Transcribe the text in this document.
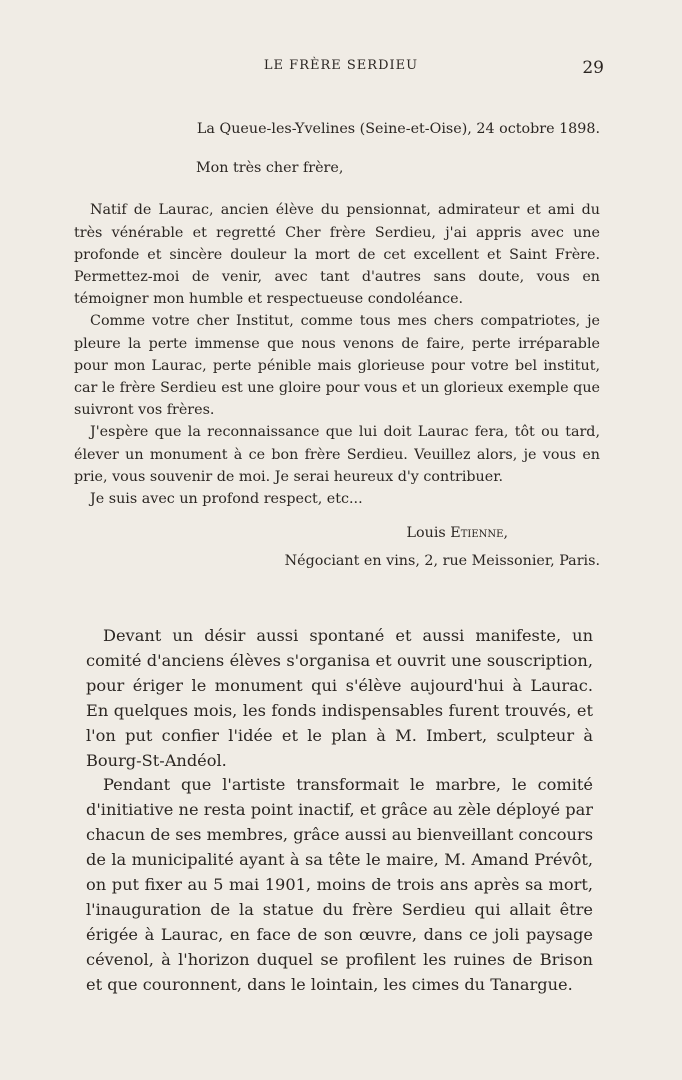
LE FRÈRE SERDIEU	29
La Queue-les-Yvelines (Seine-et-Oise), 24 octobre 1898.
Mon très cher frère,

Natif de Laurac, ancien élève du pensionnat, admirateur et ami du très vénérable et regretté Cher frère Serdieu, j'ai appris avec une profonde et sincère douleur la mort de cet excellent et Saint Frère. Permettez-moi de venir, avec tant d'autres sans doute, vous en témoigner mon humble et respectueuse condoléance.

Comme votre cher Institut, comme tous mes chers compatriotes, je pleure la perte immense que nous venons de faire, perte irréparable pour mon Laurac, perte pénible mais glorieuse pour votre bel institut, car le frère Serdieu est une gloire pour vous et un glorieux exemple que suivront vos frères.

J'espère que la reconnaissance que lui doit Laurac fera, tôt ou tard, élever un monument à ce bon frère Serdieu. Veuillez alors, je vous en prie, vous souvenir de moi. Je serai heureux d'y contribuer.

Je suis avec un profond respect, etc...

Louis Etienne,
Négociant en vins, 2, rue Meissonier, Paris.

Devant un désir aussi spontané et aussi manifeste, un comité d'anciens élèves s'organisa et ouvrit une souscription, pour ériger le monument qui s'élève aujourd'hui à Laurac. En quelques mois, les fonds indispensables furent trouvés, et l'on put confier l'idée et le plan à M. Imbert, sculpteur à Bourg-St-Andéol.

Pendant que l'artiste transformait le marbre, le comité d'initiative ne resta point inactif, et grâce au zèle déployé par chacun de ses membres, grâce aussi au bienveillant concours de la municipalité ayant à sa tête le maire, M. Amand Prévôt, on put fixer au 5 mai 1901, moins de trois ans après sa mort, l'inauguration de la statue du frère Serdieu qui allait être érigée à Laurac, en face de son œuvre, dans ce joli paysage cévenol, à l'horizon duquel se profilent les ruines de Brison et que couronnent, dans le lointain, les cimes du Tanargue.
